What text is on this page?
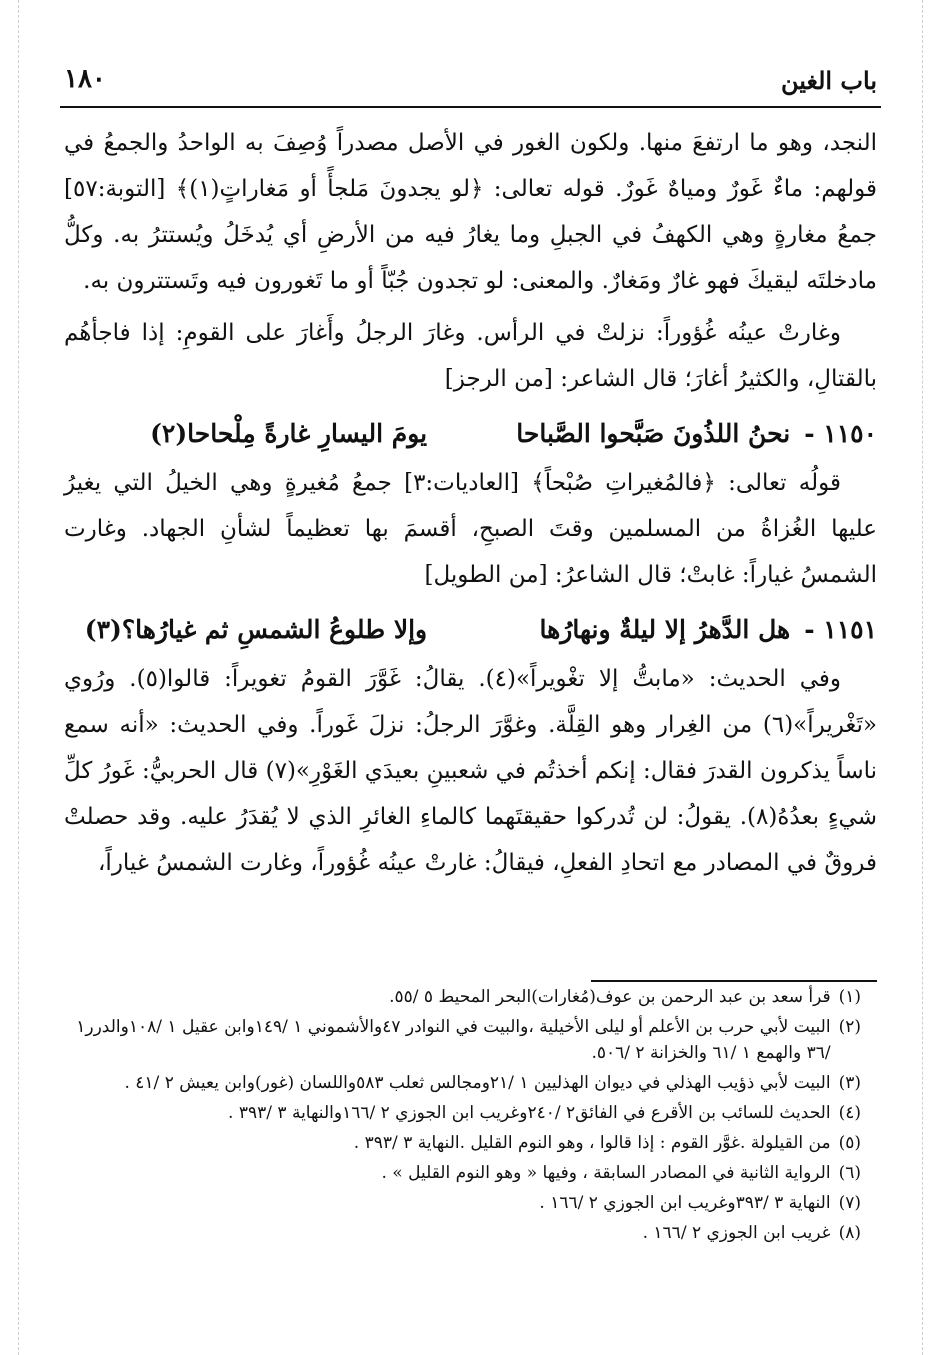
باب الغين
١٨٠

النجد، وهو ما ارتفعَ منها. ولكون الغور في الأصل مصدراً وُصِفَ به الواحدُ والجمعُ في قولهم: ماءٌ غَورٌ ومياهٌ غَورٌ. قوله تعالى: ﴿لو يجدونَ مَلجأً أو مَغاراتٍ(١)﴾ [التوبة:٥٧] جمعُ مغارةٍ وهي الكهفُ في الجبلِ وما يغارُ فيه من الأرضِ أي يُدخَلُ ويُستترُ به. وكلُّ مادخلتَه ليقيكَ فهو غارٌ ومَغارٌ. والمعنى: لو تجدون جُبّاً أو ما تَغورون فيه وتَستترون به.

وغارتْ عينُه غُؤوراً: نزلتْ في الرأس. وغارَ الرجلُ وأَغارَ على القومِ: إذا فاجأهُم بالقتالِ، والكثيرُ أغارَ؛ قال الشاعر: [من الرجز]

١١٥٠ -
نحنُ اللذُونَ صَبَّحوا الصَّباحا
يومَ اليسارِ غارةً مِلْحاحا(٢)

قولُه تعالى: ﴿فالمُغيراتِ صُبْحاً﴾ [العاديات:٣] جمعُ مُغيرةٍ وهي الخيلُ التي يغيرُ عليها الغُزاةُ من المسلمين وقتَ الصبحِ، أقسمَ بها تعظيماً لشأنِ الجهاد. وغارت الشمسُ غياراً: غابتْ؛ قال الشاعرُ: [من الطويل]

١١٥١ -
هل الدَّهرُ إلا ليلةٌ ونهارُها
وإلا طلوعُ الشمسِ ثم غيارُها؟(٣)

وفي الحديث: «مابتُّ إلا تغْويراً»(٤). يقالُ: غَوَّرَ القومُ تغويراً: قالوا(٥). ورُوي «تَغْريراً»(٦) من الغِرار وهو القِلَّة. وغوَّرَ الرجلُ: نزلَ غَوراً. وفي الحديث: «أنه سمع ناساً يذكرون القدرَ فقال: إنكم أخذتُم في شعبينِ بعيدَي الغَوْرِ»(٧) قال الحربيُّ: غَورُ كلِّ شيءٍ بعدُهُ(٨). يقولُ: لن تُدركوا حقيقتَهما كالماءِ الغائرِ الذي لا يُقدَرُ عليه. وقد حصلتْ فروقٌ في المصادر مع اتحادِ الفعلِ، فيقالُ: غارتْ عينُه غُؤوراً، وغارت الشمسُ غياراً،

(١)
قرأ سعد بن عبد الرحمن بن عوف(مُغارات)البحر المحيط ٥ /٥٥.
(٢)
البيت لأبي حرب بن الأعلم أو ليلى الأخيلية ،والبيت في النوادر ٤٧والأشموني ١ /١٤٩وابن عقيل ١ /١٠٨والدرر١ /٣٦ والهمع ١ /٦١ والخزانة ٢ /٥٠٦.
(٣)
البيت لأبي ذؤيب الهذلي في ديوان الهذليين ١ /٢١ومجالس ثعلب ٥٨٣واللسان (غور)وابن يعيش ٢ /٤١ .
(٤)
الحديث للسائب بن الأقرع في الفائق٢ /٢٤٠وغريب ابن الجوزي ٢ /١٦٦والنهاية ٣ /٣٩٣ .
(٥)
من القيلولة .غوَّر القوم : إذا قالوا ، وهو النوم القليل .النهاية ٣ /٣٩٣ .
(٦)
الرواية الثانية في المصادر السابقة ، وفيها « وهو النوم القليل » .
(٧)
النهاية ٣ /٣٩٣وغريب ابن الجوزي ٢ /١٦٦ .
(٨)
غريب ابن الجوزي ٢ /١٦٦ .
